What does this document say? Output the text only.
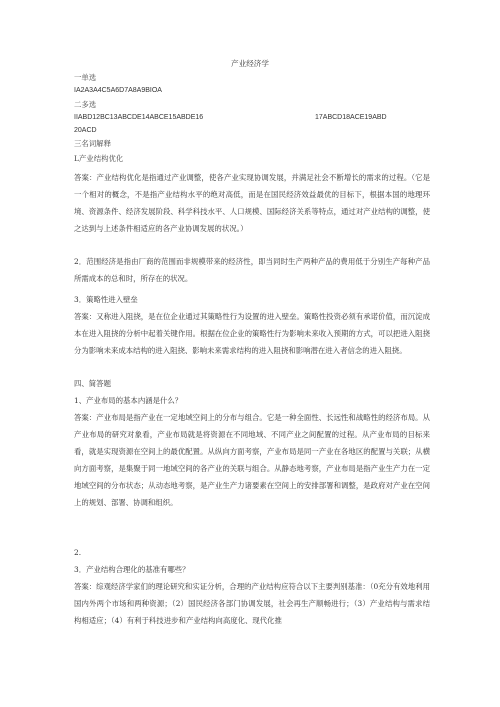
产业经济学
一单选
IA2A3A4C5A6D7A8A9BIOA
二多选
IIABD12BC13ABCDE14ABCE15ABDE16	17ABCD18ACE19ABD
20ACD
三名词解释
L产业结构优化
答案：产业结构优化是指通过产业调整，使各产业实现协调发展，并满足社会不断增长的需求的过程。（它是一个相对的概念，不是指产业结构水平的绝对高低，而是在国民经济效益最优的目标下，根据本国的地理环境、资源条件、经济发展阶段、科学科技水平、人口规模、国际经济关系等特点，通过对产业结构的调整，使之达到与上述条件相适应的各产业协调发展的状况。）
2．范围经济是指由厂商的范围而非规模带来的经济性，即当同时生产两种产品的费用低于分别生产每种产品所需成本的总和时，所存在的状况。
3．策略性进入壁垒
答案：又称进入阻挠，是在位企业通过其策略性行为设置的进入壁垒。策略性投资必须有承诺价值，而沉淀成本在进入阻挠的分析中起着关键作用。根据在位企业的策略性行为影响未来收入预期的方式，可以把进入阻挠分为影响未来成本结构的进入阻挠、影响未来需求结构的进入阻挠和影响潜在进入者信念的进入阻挠。
四、简答题
1、产业布局的基本内涵是什么？
答案：产业布局是指产业在一定地域空间上的分布与组合。它是一种全面性、长远性和战略性的经济布局。从产业布局的研究对象看，产业布局就是将资源在不同地域、不同产业之间配置的过程。从产业布局的目标来看，就是实现资源在空间上的最优配置。从纵向方面考察，产业布局是同一产业在各地区的配置与关联；从横向方面考察，是集聚于同一地域空间的各产业的关联与组合。从静态地考察，产业布局是指产业生产力在一定地域空间的分布状态；从动态地考察，是产业生产力诸要素在空间上的安排部署和调整，是政府对产业在空间上的规划、部署、协调和组织。
2.
3．产业结构合理化的基准有哪些？
答案：综观经济学家们的理论研究和实证分析，合理的产业结构应符合以下主要判别基准：（0充分有效地利用国内外两个市场和两种资源；（2）国民经济各部门协调发展，社会再生产顺畅进行；（3）产业结构与需求结构相适应；（4）有利于科技进步和产业结构向高度化、现代化推
